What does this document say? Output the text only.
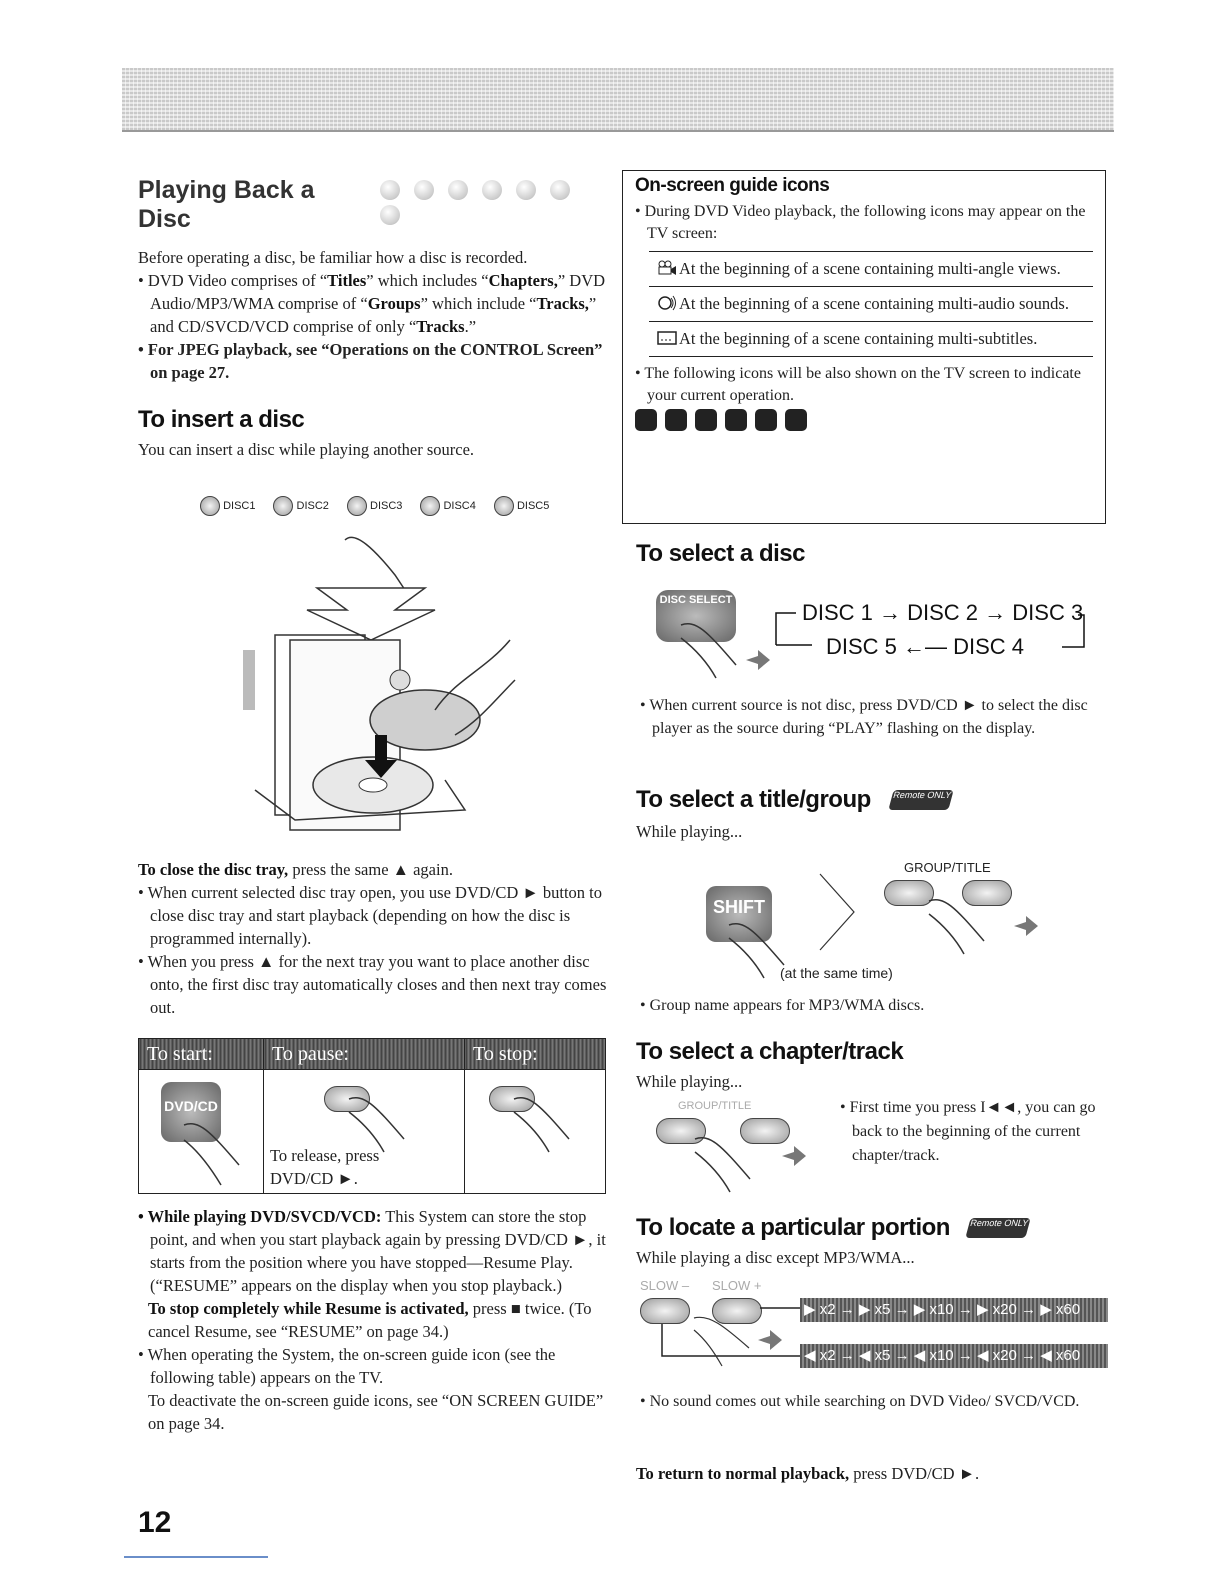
Playing Back a Disc

Before operating a disc, be familiar how a disc is recorded.

• DVD Video comprises of “Titles” which includes “Chapters,” DVD Audio/MP3/WMA comprise of “Groups” which include “Tracks,” and CD/SVCD/VCD comprise of only “Tracks.”

• For JPEG playback, see “Operations on the CONTROL Screen” on page 27.

To insert a disc

You can insert a disc while playing another source.

DISC1	DISC2	DISC3	DISC4	DISC5

To close the disc tray, press the same ▲ again.

• When current selected disc tray open, you use DVD/CD ► button to close disc tray and start playback (depending on how the disc is programmed internally).

• When you press ▲ for the next tray you want to place another disc onto, the first disc tray automatically closes and then next tray comes out.

To start:	To pause:	To stop:

DVD/CD	To release, press DVD/CD ►.

• While playing DVD/SVCD/VCD: This System can store the stop point, and when you start playback again by pressing DVD/CD ►, it starts from the position where you have stopped—Resume Play. (“RESUME” appears on the display when you stop playback.)

To stop completely while Resume is activated, press ■ twice. (To cancel Resume, see “RESUME” on page 34.)

• When operating the System, the on-screen guide icon (see the following table) appears on the TV.

To deactivate the on-screen guide icons, see “ON SCREEN GUIDE” on page 34.

12
On-screen guide icons

• During DVD Video playback, the following icons may appear on the TV screen:

At the beginning of a scene containing multi-angle views.
At the beginning of a scene containing multi-audio sounds.
At the beginning of a scene containing multi-subtitles.

• The following icons will be also shown on the TV screen to indicate your current operation.

To select a disc
DISC SELECT	DISC 1 → DISC 2 → DISC 3
DISC 5 ←— DISC 4

• When current source is not disc, press DVD/CD ► to select the disc player as the source during “PLAY” flashing on the display.

To select a title/group	Remote ONLY

While playing...

SHIFT
GROUP/TITLE
(at the same time)

• Group name appears for MP3/WMA discs.

To select a chapter/track

While playing...

GROUP/TITLE	• First time you press I◄◄, you can go back to the beginning of the current chapter/track.

To locate a particular portion	Remote ONLY

While playing a disc except MP3/WMA...

SLOW – SLOW +
▶ x2 → ▶ x5 → ▶ x10 → ▶ x20 → ▶ x60
◀ x2 → ◀ x5 → ◀ x10 → ◀ x20 → ◀ x60

• No sound comes out while searching on DVD Video/ SVCD/VCD.

To return to normal playback, press DVD/CD ►.
